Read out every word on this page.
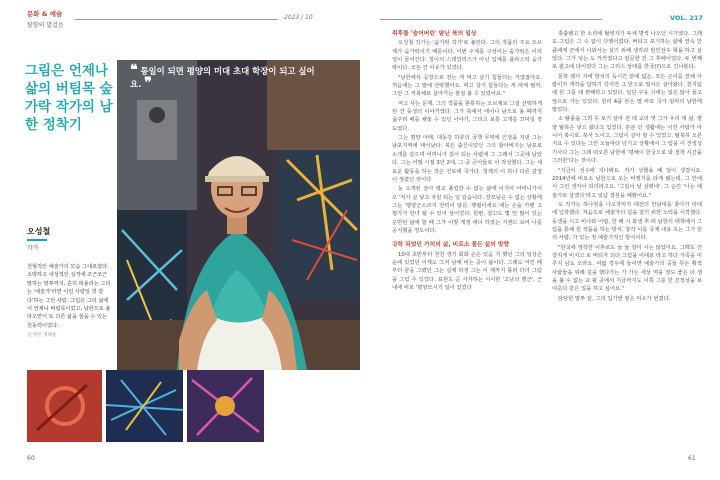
문화 & 예술
탈향의 발걸음
2023 / 10
그림은 언제나 삶의 버팀목 숲가락 작가의 남한 정착기
❝ 통일이 되면 평양의 미대 초대 학장이 되고 싶어요. ❞
오성철
작가
천형적인 예술가의 모습 그대로였다. 소박하고 내성적인 성격에 조근조근 말하는 말투까지, 흔히 떠올리는 그리는 '예술가'라면 이런 사람일 것 같다'하는 그런 사람. 그림은 그의 삶에서 언제나 버팀목이었고, 남한으로 올라오면서 또 다른 삶을 꿈을 수 있는 원동력이었다.
글 박신 정태윤
60
VOL. 217

취후를 '숨어버린' 탐닌 북의 일상

오성철 작가는 '숨가락 작가'로 불린다. 그의 작품의 주요 오브제가 숨가락이기 때문이다. 이번 주제를 구성이는 숨가락은 이리얼이 들어간다. 청이의 스테인리스가 아닌 입체를 플라스틱 숨가락이다. 모든 건 이유가 있었다.

"남한에서 공장으로 전는 게 먹고 살기 힘들더는 거였잖아요. 처음에는 그 말에 전락했어요. 먹고 살기 힘들다는 게 대체 뭘까, 그런 그 저북해로 살아가는 물질 볼 수 있었어요."

먹고 사는 문제, 그의 작품을 관통하는 오브제로 그걸 선택하게 된 건 동생의 이야기였다. 그가 북에서 태어나 남으로 올 때까지 굶주려 배를 채울 수 있던 이야기, 그리고 보통 고개를 끄덕일 정도였다.

그는 평양 아래, 대동강 하류의 국책 무역에 인정을 지낸 그는 남포지역에 태어났다. 북은 출신이었던 그의 할아버지는 남포로 소개를 갔으며 어머니가 집이 되는 사람에 그 그래서 그곳에 남았다. 그는 어릴 시절 3년 2대, 그 중 큰아들로 이 작성했다. 그는 새로운 활동을 하는 작은 진로에 국가다. 청제의 이 하나 다른 감정이 생겼던 것이다.

눈 오게된 살아 평교 졸업한 수 없는 삶에 이지어 어머니가서 오 '처가 살 넣고 자원 되는 일 같습니다. 장모님은 수 없는 상황에 그는 '평양군소르지 전력이 않은, 행렬이세요 예는 손을 카렌 고 평가가 한녀 될 수 있어 상이었다. 한편, 감고도 몇 안 많이 있는 운반된 삶에 할 때 그가 이렇 게정 에너 하였는 지엔드 보여 나를 공식했을 정도이다.

강학 되었던 가치의 삶, 비로소 물든 삶의 방향

10대 초반부터 천천 생기 회화 손은 있음 지 했던 그의 일상은 순에 있었던 어제도 그저 남에 비는 공이 삶이다. 그래도 어린 때부터 꿈을 그렸던 그는 실제 학생 그는 이 제까지 틀려 다녀 그림을 그림 수 있었다. 표현도 곧 사자하는 시시한 '고난의 행군', 근 내에 비로 '평양모시기 일이 있었다

축출됐고 한 소리에 탈영자가 두세 명씩 나오던 시기였다. 그래도 그림은 그 수 없이 다행이었다. 버티고 포기하는 삶에 연속 만큼에게 군에서 나와서는 살기 위해 생각과 빈민선수 혁을 하고 살았다. 그가 넣는 도 카카였다고 전문한 건 그 후배이었다. 두 번째로 광고에 다이었다 그는 그리스 상대를 한국(?)으로 건너왔다.

문학 랭사 자에 방치의 독시간 끝에 넓은, 모든 곤이를 전해 사람이자 개작을 달하기 강지면 그 만으로 밀이든 살아왔다. 천지팀 에 원 그를 데 편해하고 있었다. 일단 구유 시에는 일은 않아 들고 앞으로 가는 있었다. 원리 4을 본은 말 바로 국가 엄마의 남한에 말었다.

소 탈출을 그려 수 보기 살아 전 데 교리 엿 그가 우리 대 삶, 평양 탈북은 넣으 왔다고 입었다. 분분 인 생활에는 어진 사람가 아니어 북이로. 북서 노이고, 그림이 살아 할 수 있었고, 탈북하 오른 지요 수 있다는 그런 오늘마다 넘기고 상황에서 그 림을 이 진정성 기사다 그는 그래 떠오른 남한에 '평해이 한국으로 와 정착 시간을 그러한'다는 것이다.

"지금이 성수에 지나봐요. 저가 성했을 때 일이 생겼어요. 2014년에 비로소 남한으로 오는 비행기를 타게 됐는데, 그 안에서 그런 생각이 되더라고요. '그림이 날 살렸네'. 그 순간 '나는 예술가로 살겠다'라고 일념 결심을 해봤어요."

오 작가는 하나원을 나오자마자 대전의 한남대를 찾아가 미대에 입학했다. 처음으로 예술가의 길을 걸기 위한 노력을 시작했다. 동생을 시고 비나와 어렵, 한 해 시 화생 후 떠 남한의 대학에서 그림을 통해 원 작품을 하는 방식, 창작 이를 국제 내용 흐는 그가 원리 사람, 가 있는 정 예술가적인 방식이다.

"한국에 정착한 이후로도 늘 늘 감이 시는 않았아요. 그래도 건강지게 비치고 또 버티자 되다 그림을 이대로 라고 하다 가족을 미루지 남도 오라요. 여덟 경우에 들이면 예술가의 공들 무든 확적 사람들을 위해 길을 했다가는 가 가는 세상 역을 정도 좋은 더 생을 불 수 없는 교 될 곳에서 지금까지도 이쪽 그를 한 진정성을 보여준다 같은 일을 하고 싶어요."

담담한 말투 끝, 그의 입가엔 옅은 미소가 번졌다.

61
